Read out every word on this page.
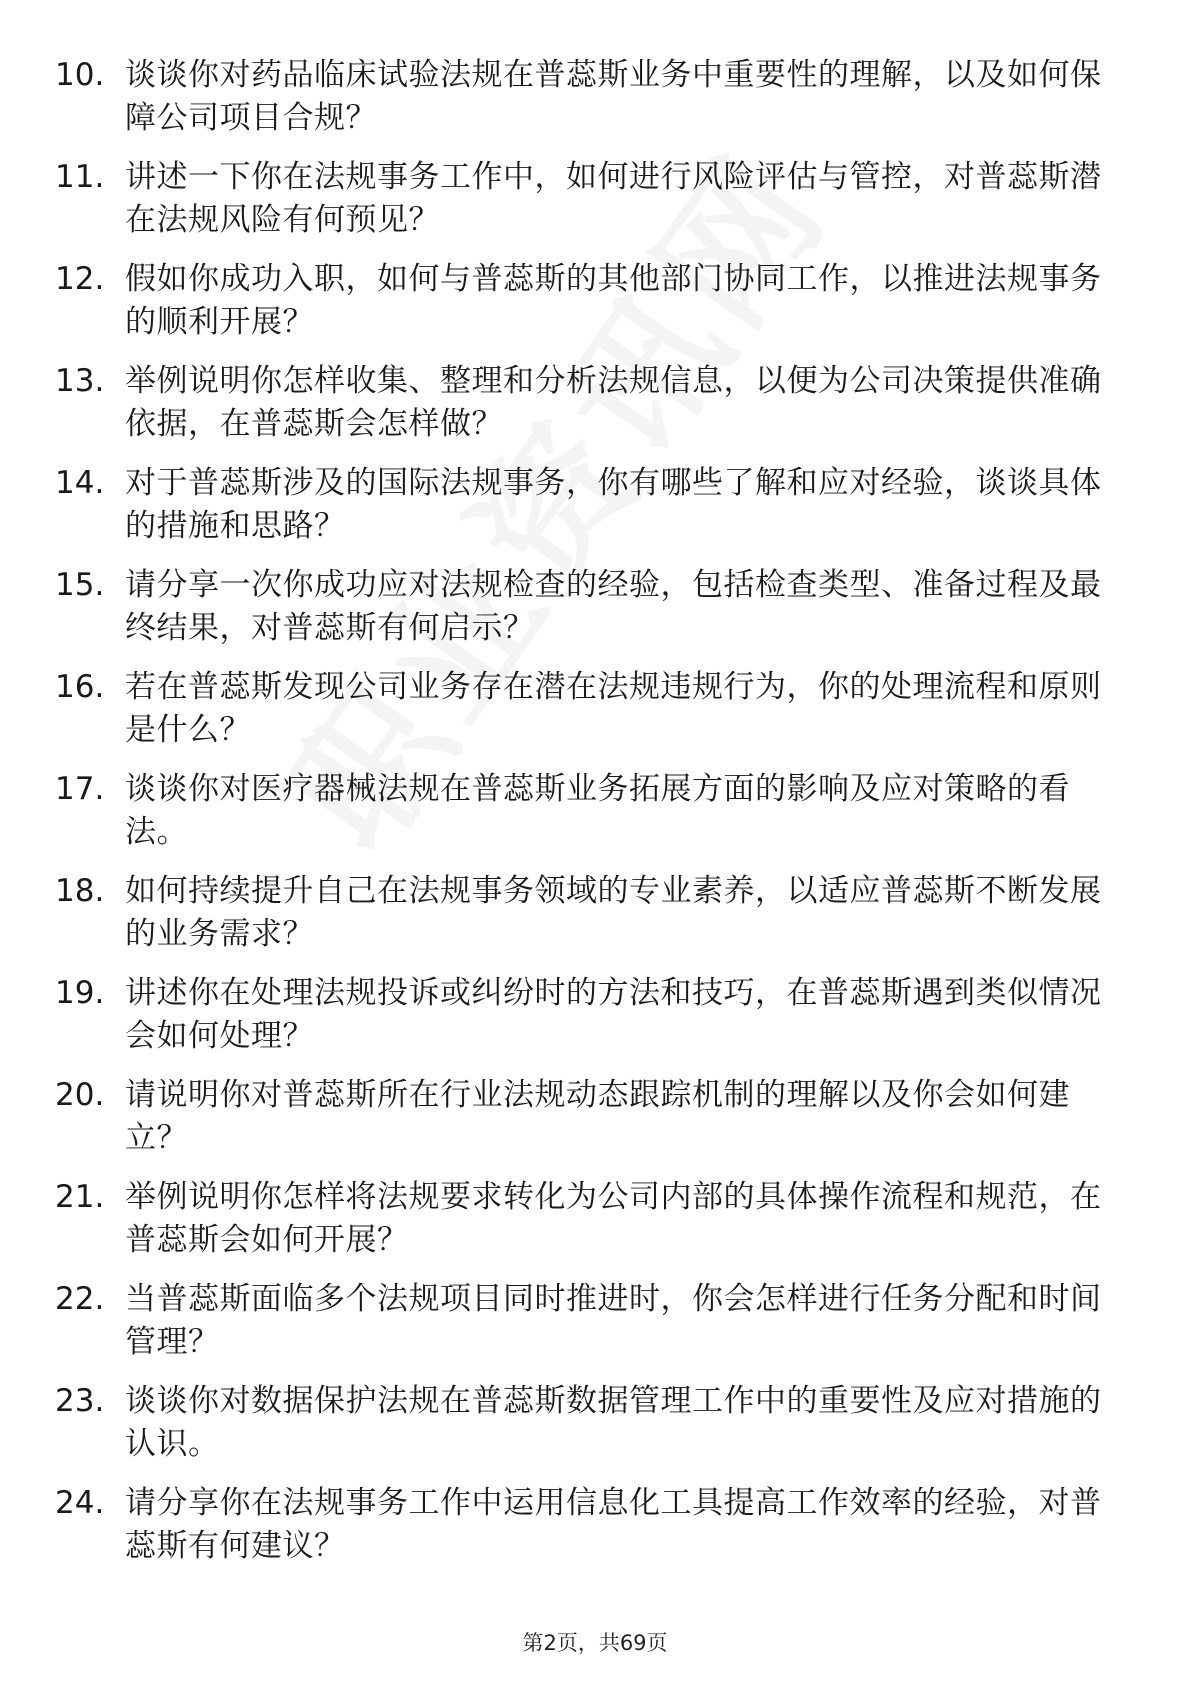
10. 谈谈你对药品临床试验法规在普蕊斯业务中重要性的理解，以及如何保障公司项目合规？
11. 讲述一下你在法规事务工作中，如何进行风险评估与管控，对普蕊斯潜在法规风险有何预见？
12. 假如你成功入职，如何与普蕊斯的其他部门协同工作，以推进法规事务的顺利开展？
13. 举例说明你怎样收集、整理和分析法规信息，以便为公司决策提供准确依据，在普蕊斯会怎样做？
14. 对于普蕊斯涉及的国际法规事务，你有哪些了解和应对经验，谈谈具体的措施和思路？
15. 请分享一次你成功应对法规检查的经验，包括检查类型、准备过程及最终结果，对普蕊斯有何启示？
16. 若在普蕊斯发现公司业务存在潜在法规违规行为，你的处理流程和原则是什么？
17. 谈谈你对医疗器械法规在普蕊斯业务拓展方面的影响及应对策略的看法。
18. 如何持续提升自己在法规事务领域的专业素养，以适应普蕊斯不断发展的业务需求？
19. 讲述你在处理法规投诉或纠纷时的方法和技巧，在普蕊斯遇到类似情况会如何处理？
20. 请说明你对普蕊斯所在行业法规动态跟踪机制的理解以及你会如何建立？
21. 举例说明你怎样将法规要求转化为公司内部的具体操作流程和规范，在普蕊斯会如何开展？
22. 当普蕊斯面临多个法规项目同时推进时，你会怎样进行任务分配和时间管理？
23. 谈谈你对数据保护法规在普蕊斯数据管理工作中的重要性及应对措施的认识。
24. 请分享你在法规事务工作中运用信息化工具提高工作效率的经验，对普蕊斯有何建议？
第2页，共69页
